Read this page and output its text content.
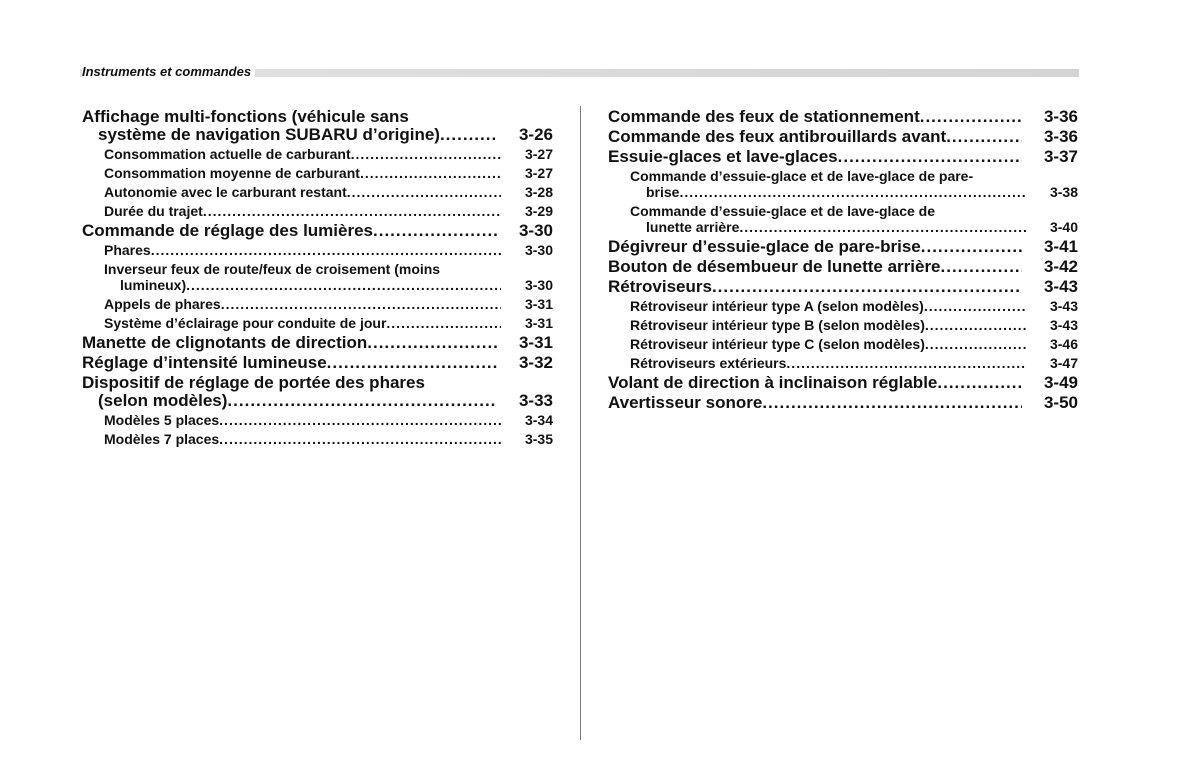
Instruments et commandes
Affichage multi-fonctions (véhicule sans
système de navigation SUBARU d’origine) .....	3-26
Consommation actuelle de carburant .....	3-27
Consommation moyenne de carburant .....	3-27
Autonomie avec le carburant restant .....	3-28
Durée du trajet .....	3-29
Commande de réglage des lumières .....	3-30
Phares .....	3-30
Inverseur feux de route/feux de croisement (moins
lumineux) .....	3-30
Appels de phares .....	3-31
Système d’éclairage pour conduite de jour .....	3-31
Manette de clignotants de direction .....	3-31
Réglage d’intensité lumineuse .....	3-32
Dispositif de réglage de portée des phares
(selon modèles) .....	3-33
Modèles 5 places .....	3-34
Modèles 7 places .....	3-35
Commande des feux de stationnement .....	3-36
Commande des feux antibrouillards avant .....	3-36
Essuie-glaces et lave-glaces .....	3-37
Commande d’essuie-glace et de lave-glace de pare-
brise .....	3-38
Commande d’essuie-glace et de lave-glace de
lunette arrière .....	3-40
Dégivreur d’essuie-glace de pare-brise .....	3-41
Bouton de désembueur de lunette arrière .....	3-42
Rétroviseurs .....	3-43
Rétroviseur intérieur type A (selon modèles) .....	3-43
Rétroviseur intérieur type B (selon modèles) .....	3-43
Rétroviseur intérieur type C (selon modèles) .....	3-46
Rétroviseurs extérieurs .....	3-47
Volant de direction à inclinaison réglable .....	3-49
Avertisseur sonore .....	3-50
